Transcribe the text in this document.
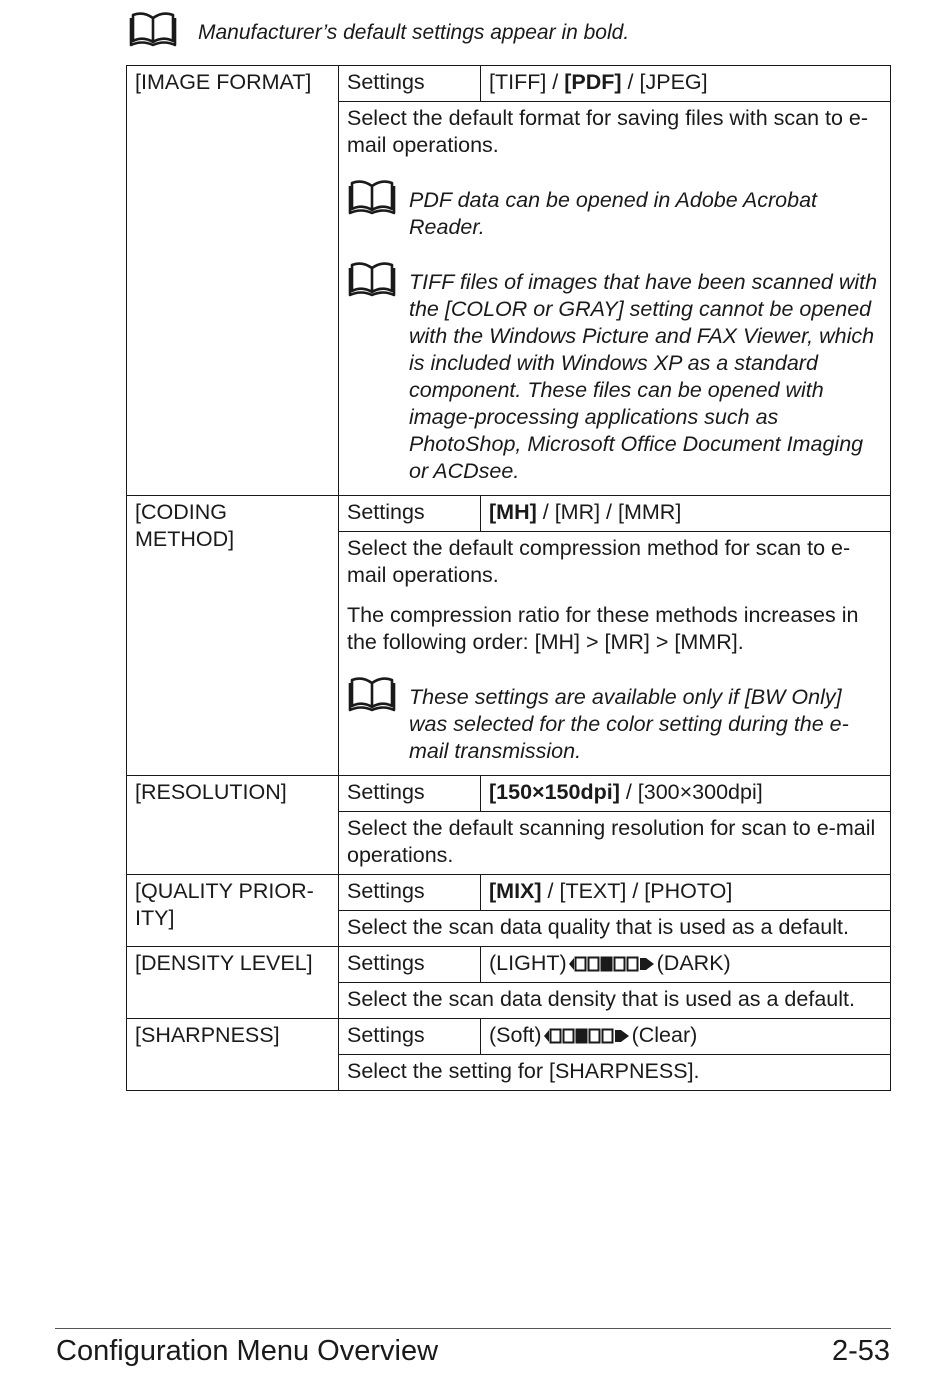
Manufacturer’s default settings appear in bold.
[IMAGE FORMAT]	Settings	[TIFF] / [PDF] / [JPEG]

	Select the default format for saving files with scan to e-mail operations.

PDF data can be opened in Adobe Acrobat Reader.
TIFF files of images that have been scanned with the [COLOR or GRAY] setting cannot be opened with the Windows Picture and FAX Viewer, which is included with Windows XP as a standard component. These files can be opened with image-processing applications such as PhotoShop, Microsoft Office Document Imaging or ACDsee.	

[CODING METHOD]	Settings	[MH] / [MR] / [MMR]

	Select the default compression method for scan to e-mail operations.

The compression ratio for these methods increases in the following order: [MH] > [MR] > [MMR].

These settings are available only if [BW Only] was selected for the color setting during the e-mail transmission.	

[RESOLUTION]	Settings	[150×150dpi] / [300×300dpi]
	Select the default scanning resolution for scan to e-mail operations.	
[QUALITY PRIOR-ITY]	Settings	[MIX] / [TEXT] / [PHOTO]
	Select the scan data quality that is used as a default.	
[DENSITY LEVEL]	Settings	(LIGHT) (DARK)
	Select the scan data density that is used as a default.	
[SHARPNESS]	Settings	(Soft) (Clear)
	Select the setting for [SHARPNESS].	
Configuration Menu Overview	2-53
